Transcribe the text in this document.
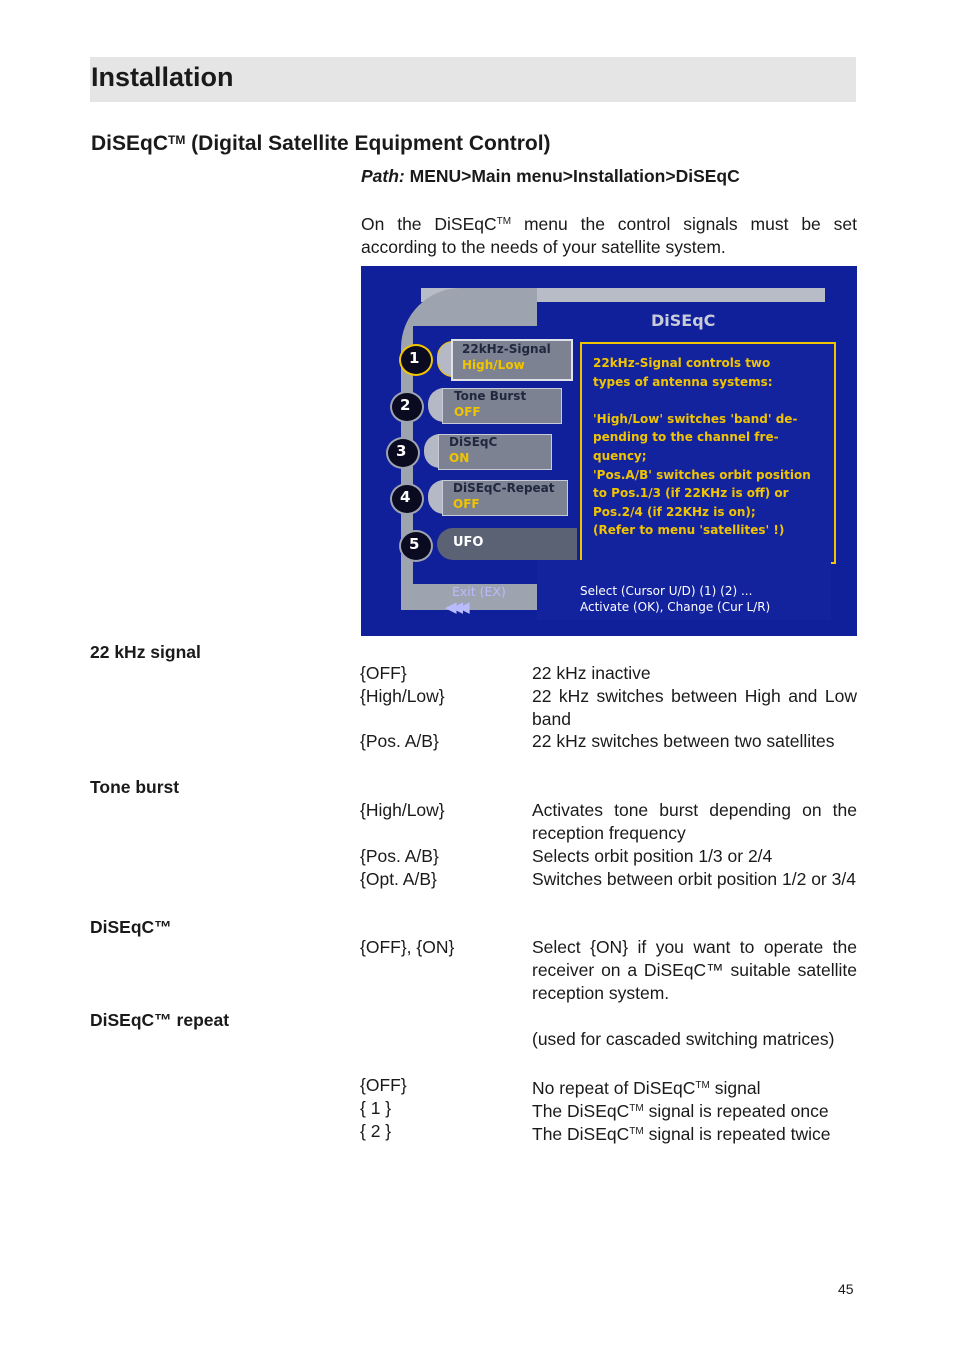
Installation
DiSEqC™ (Digital Satellite Equipment Control)
Path: MENU>Main menu>Installation>DiSEqC
On the DiSEqC™ menu the control signals must be set according to the needs of your satellite system.
DiSEqC
22kHz-Signal controls two
types of antenna systems:
'High/Low' switches 'band' de-
pending to the channel fre-
quency;
'Pos.A/B' switches orbit position
to Pos.1/3 (if 22KHz is off) or
Pos.2/4 (if 22KHz is on);
(Refer to menu 'satellites' !)
1	22kHz-Signal
High/Low
2	Tone Burst
OFF
3	DiSEqC
ON
4	DiSEqC-Repeat
OFF
5	UFO
Exit (EX)
◀◀◀
Select (Cursor U/D) (1) (2) ...
Activate (OK), Change (Cur L/R)
22 kHz signal
{OFF}	22 kHz inactive
{High/Low}	22 kHz switches between High and Low band
{Pos. A/B}	22 kHz switches between two satellites
Tone burst
{High/Low}	Activates tone burst depending on the reception frequency
{Pos. A/B}	Selects orbit position 1/3 or 2/4
{Opt. A/B}	Switches between orbit position 1/2 or 3/4
DiSEqC™
{OFF}, {ON}	Select {ON} if you want to operate the receiver on a DiSEqC™ suitable satellite reception system.
DiSEqC™ repeat
(used for cascaded switching matrices)
{OFF}	No repeat of DiSEqC™ signal
{ 1 }	The DiSEqC™ signal is repeated once
{ 2 }	The DiSEqC™ signal is repeated twice
45
